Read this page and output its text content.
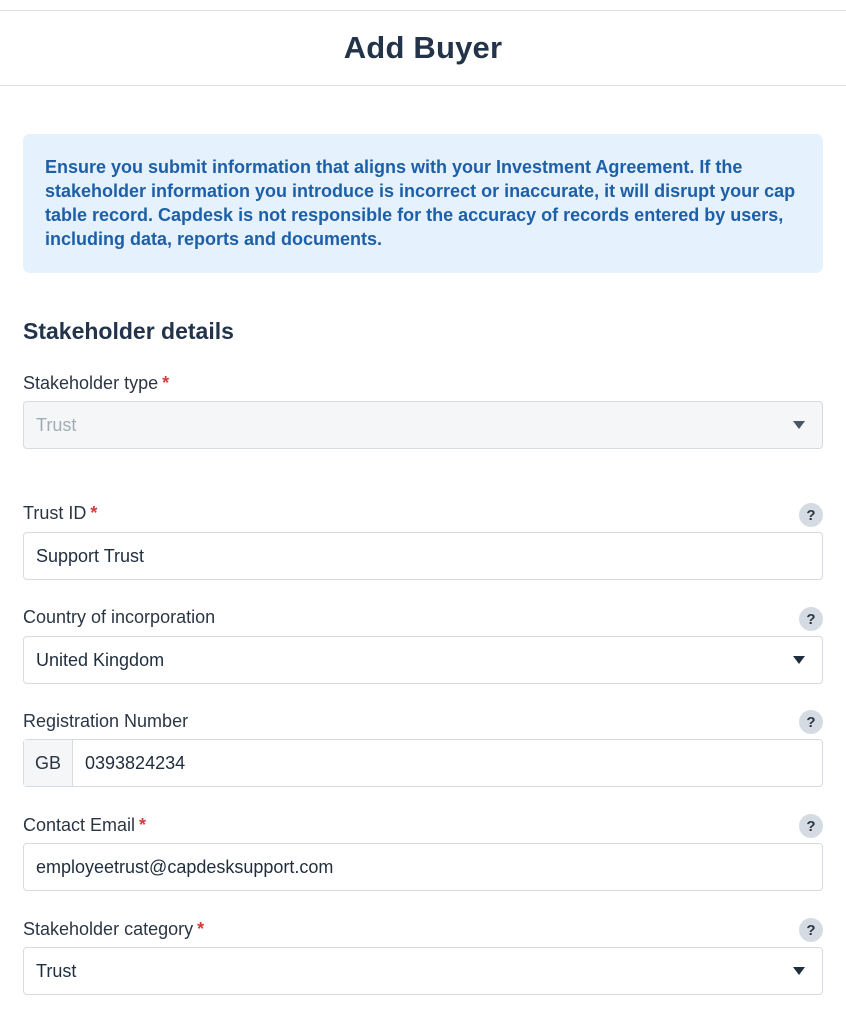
Add Buyer
Ensure you submit information that aligns with your Investment Agreement. If the stakeholder information you introduce is incorrect or inaccurate, it will disrupt your cap table record. Capdesk is not responsible for the accuracy of records entered by users, including data, reports and documents.
Stakeholder details
Stakeholder type *
Trust
Trust ID *	?
Support Trust
Country of incorporation	?
United Kingdom
Registration Number	?
GB	0393824234
Contact Email *	?
employeetrust@capdesksupport.com
Stakeholder category *	?
Trust
